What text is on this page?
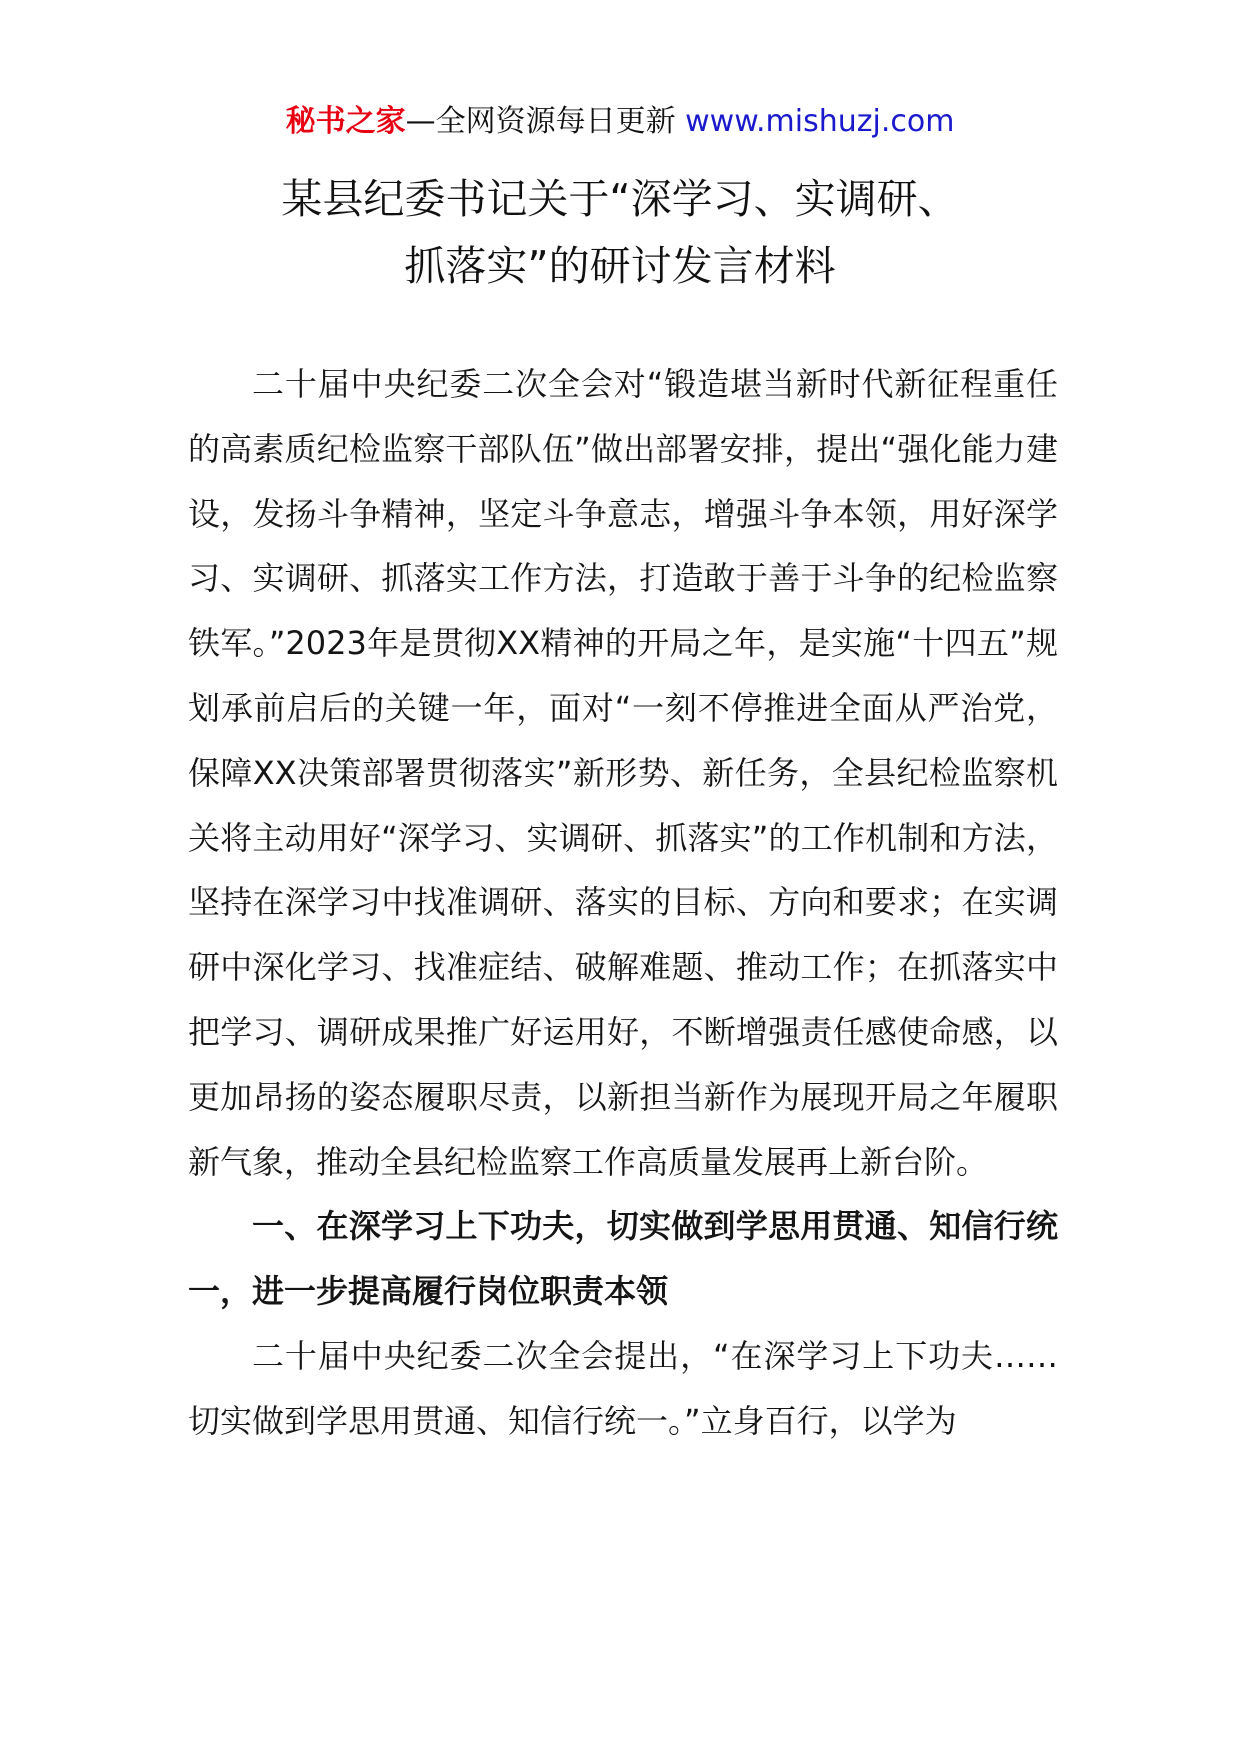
秘书之家—全网资源每日更新 www.mishuzj.com
某县纪委书记关于“深学习、实调研、
抓落实”的研讨发言材料

二十届中央纪委二次全会对“锻造堪当新时代新征程重任的高素质纪检监察干部队伍”做出部署安排，提出“强化能力建设，发扬斗争精神，坚定斗争意志，增强斗争本领，用好深学习、实调研、抓落实工作方法，打造敢于善于斗争的纪检监察铁军。”2023年是贯彻XX精神的开局之年，是实施“十四五”规划承前启后的关键一年，面对“一刻不停推进全面从严治党，保障XX决策部署贯彻落实”新形势、新任务，全县纪检监察机关将主动用好“深学习、实调研、抓落实”的工作机制和方法，坚持在深学习中找准调研、落实的目标、方向和要求；在实调研中深化学习、找准症结、破解难题、推动工作；在抓落实中把学习、调研成果推广好运用好，不断增强责任感使命感，以更加昂扬的姿态履职尽责，以新担当新作为展现开局之年履职新气象，推动全县纪检监察工作高质量发展再上新台阶。

一、在深学习上下功夫，切实做到学思用贯通、知信行统一，进一步提高履行岗位职责本领

二十届中央纪委二次全会提出，“在深学习上下功夫……切实做到学思用贯通、知信行统一。”立身百行，以学为
